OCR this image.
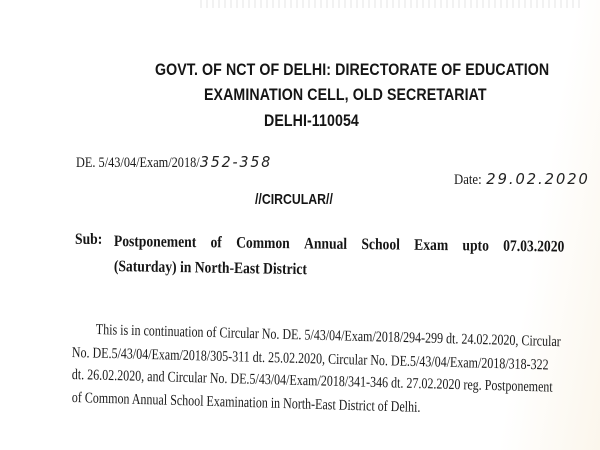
GOVT. OF NCT OF DELHI: DIRECTORATE OF EDUCATION
EXAMINATION CELL, OLD SECRETARIAT
DELHI-110054
DE. 5/43/04/Exam/2018/352-358
Date: 29.02.2020
//CIRCULAR//
Sub: Postponement of Common Annual School Exam upto 07.03.2020
(Saturday) in North-East District
This is in continuation of Circular No. DE. 5/43/04/Exam/2018/294-299 dt. 24.02.2020, Circular
No. DE.5/43/04/Exam/2018/305-311 dt. 25.02.2020, Circular No. DE.5/43/04/Exam/2018/318-322
dt. 26.02.2020, and Circular No. DE.5/43/04/Exam/2018/341-346 dt. 27.02.2020 reg. Postponement
of Common Annual School Examination in North-East District of Delhi.
